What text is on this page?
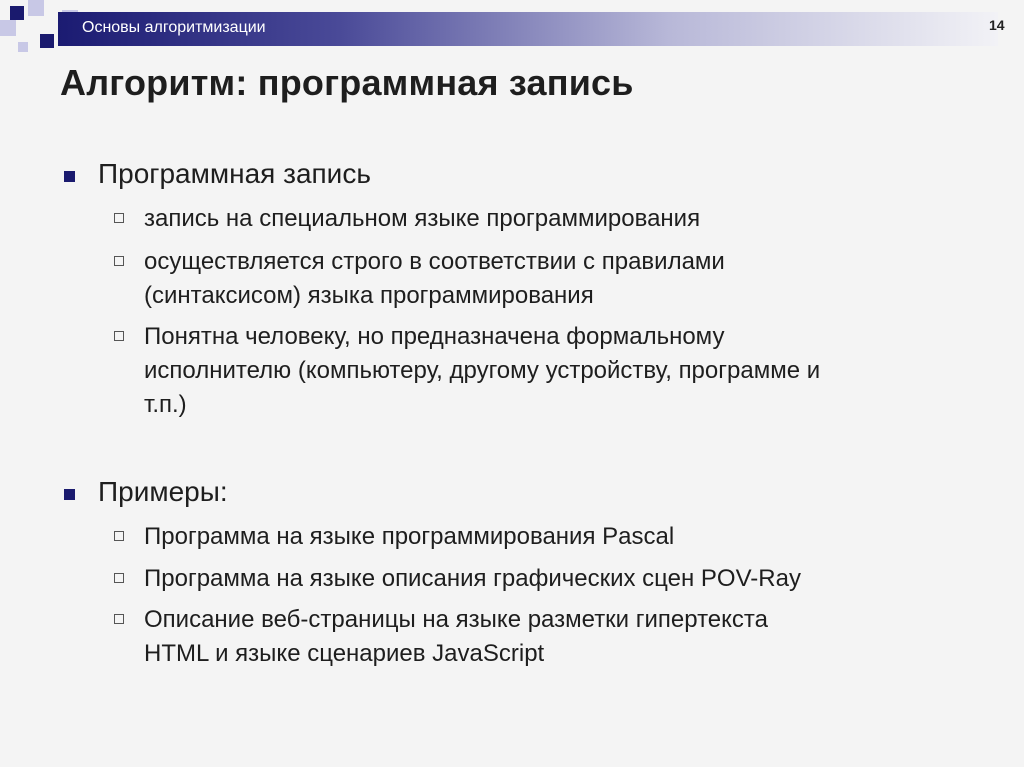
Основы алгоритмизации	14
Алгоритм: программная запись
Программная запись
запись на специальном языке программирования
осуществляется строго в соответствии с правилами
(синтаксисом) языка программирования
Понятна человеку, но предназначена формальному
исполнителю (компьютеру, другому устройству, программе и
т.п.)
Примеры:
Программа на языке программирования Pascal
Программа на языке описания графических сцен POV-Ray
Описание веб-страницы на языке разметки гипертекста
HTML и языке сценариев JavaScript
